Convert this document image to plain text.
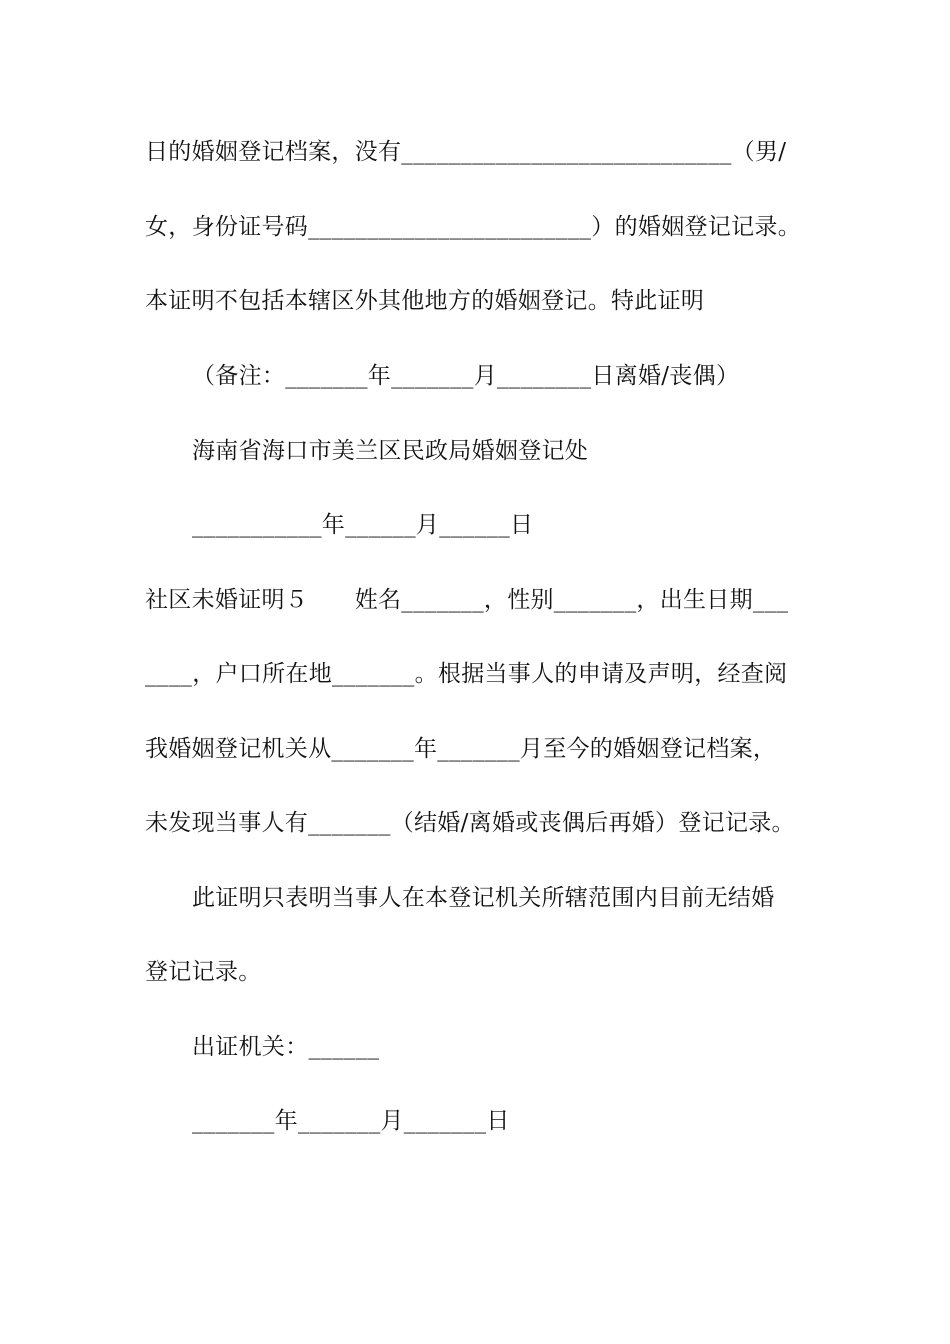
日的婚姻登记档案，没有____________________________（男/
女，身份证号码________________________）的婚姻登记记录。
本证明不包括本辖区外其他地方的婚姻登记。特此证明
（备注：_______年_______月________日离婚/丧偶）
海南省海口市美兰区民政局婚姻登记处
___________年______月______日
社区未婚证明５　　姓名_______，性别_______，出生日期___
____，户口所在地_______。根据当事人的申请及声明，经查阅
我婚姻登记机关从_______年_______月至今的婚姻登记档案，
未发现当事人有_______（结婚/离婚或丧偶后再婚）登记记录。
此证明只表明当事人在本登记机关所辖范围内目前无结婚
登记记录。
出证机关：______
_______年_______月_______日
